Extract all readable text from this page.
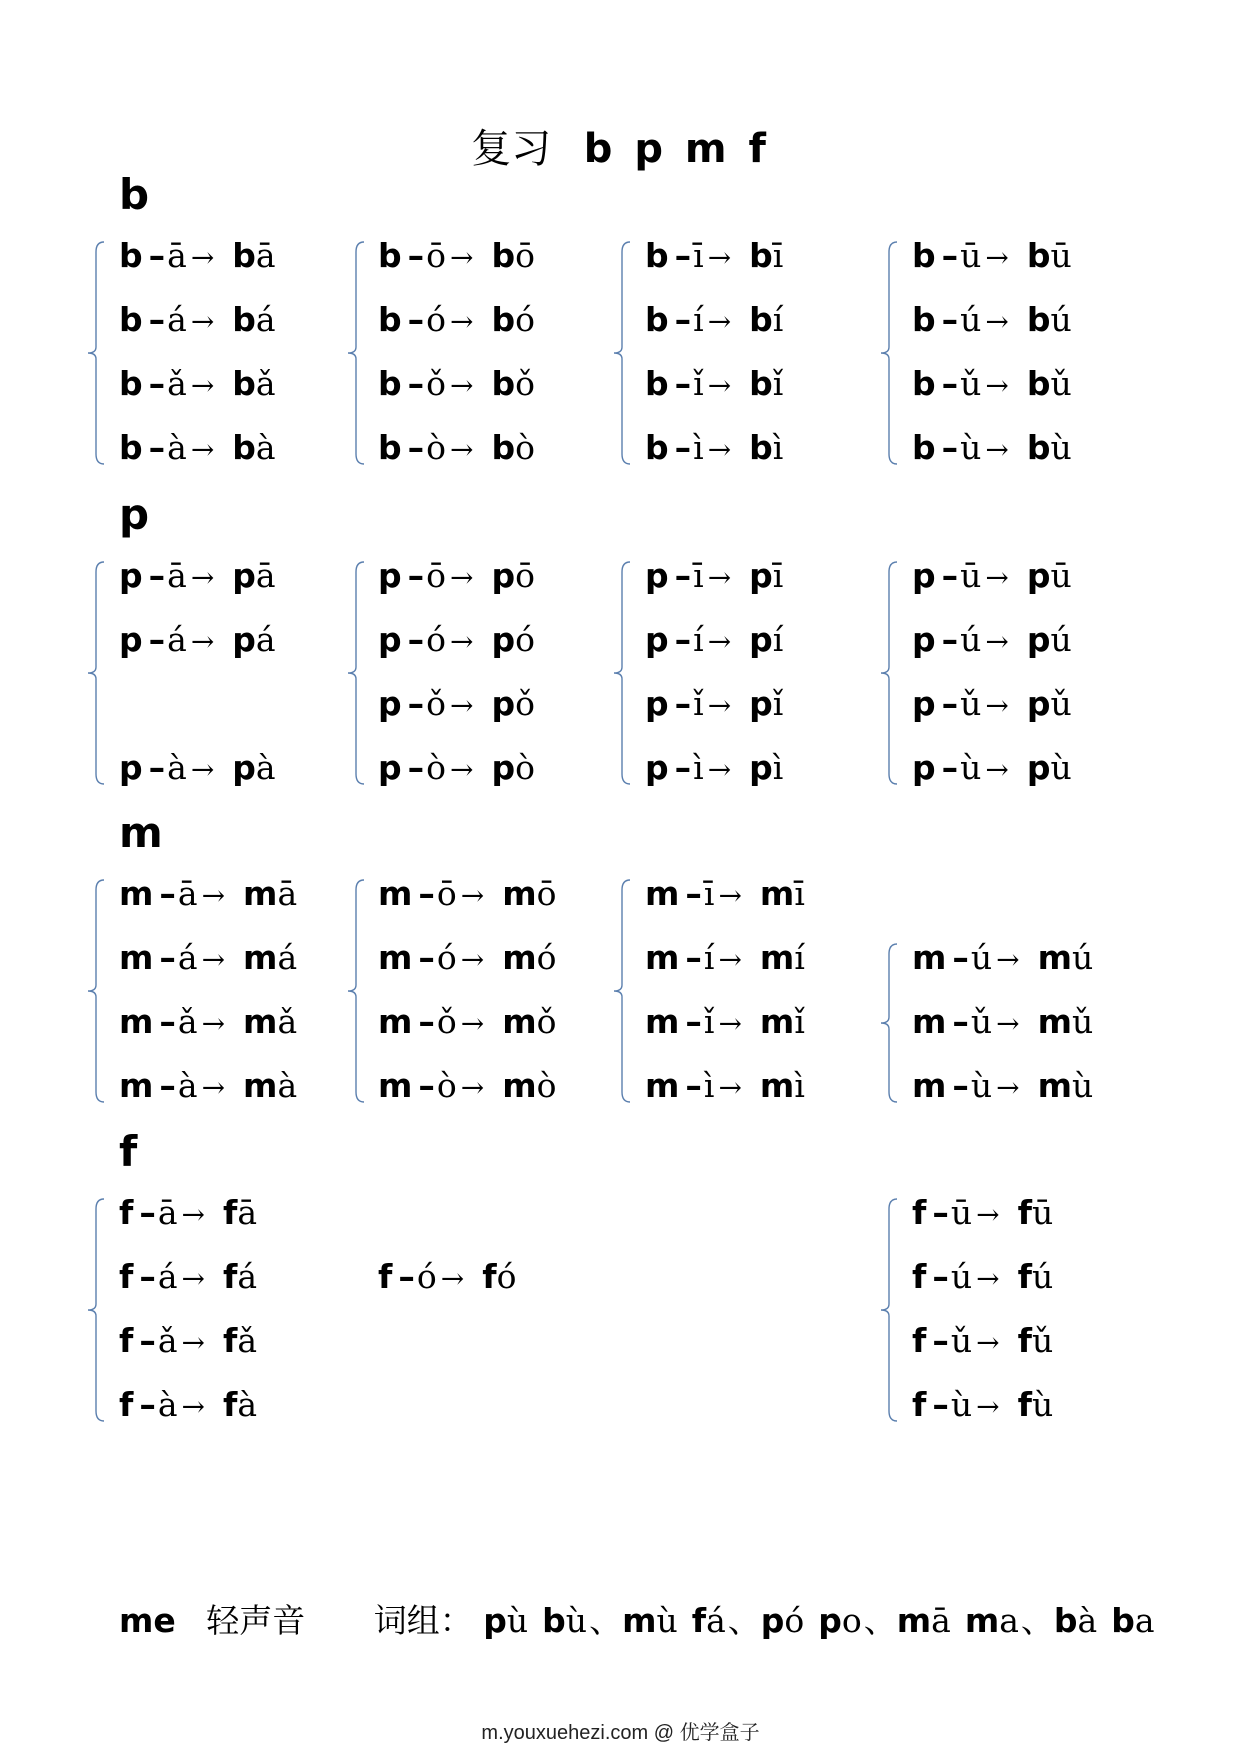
复习 b p m f
b
b –ā → bā
b –á → bá
b –ǎ → bǎ
b –à → bà
b –ō → bō
b –ó → bó
b –ǒ → bǒ
b –ò → bò
b –ī → bī
b –í → bí
b –ǐ → bǐ
b –ì → bì
b –ū → bū
b –ú → bú
b –ǔ → bǔ
b –ù → bù
p
p –ā → pā
p –á → pá
p –à → pà
p –ō → pō
p –ó → pó
p –ǒ → pǒ
p –ò → pò
p –ī → pī
p –í → pí
p –ǐ → pǐ
p –ì → pì
p –ū → pū
p –ú → pú
p –ǔ → pǔ
p –ù → pù
m
m –ā → mā
m –á → má
m –ǎ → mǎ
m –à → mà
m –ō → mō
m –ó → mó
m –ǒ → mǒ
m –ò → mò
m –ī → mī
m –í → mí
m –ǐ → mǐ
m –ì → mì
m –ú → mú
m –ǔ → mǔ
m –ù → mù
f
f –ā → fā
f –á → fá
f –ǎ → fǎ
f –à → fà
f –ó → fó
f –ū → fū
f –ú → fú
f –ǔ → fǔ
f –ù → fù
me 轻声音 词组： pù bù、mù fá、pó po、mā ma、bà ba
m.youxuehezi.com @ 优学盒子
